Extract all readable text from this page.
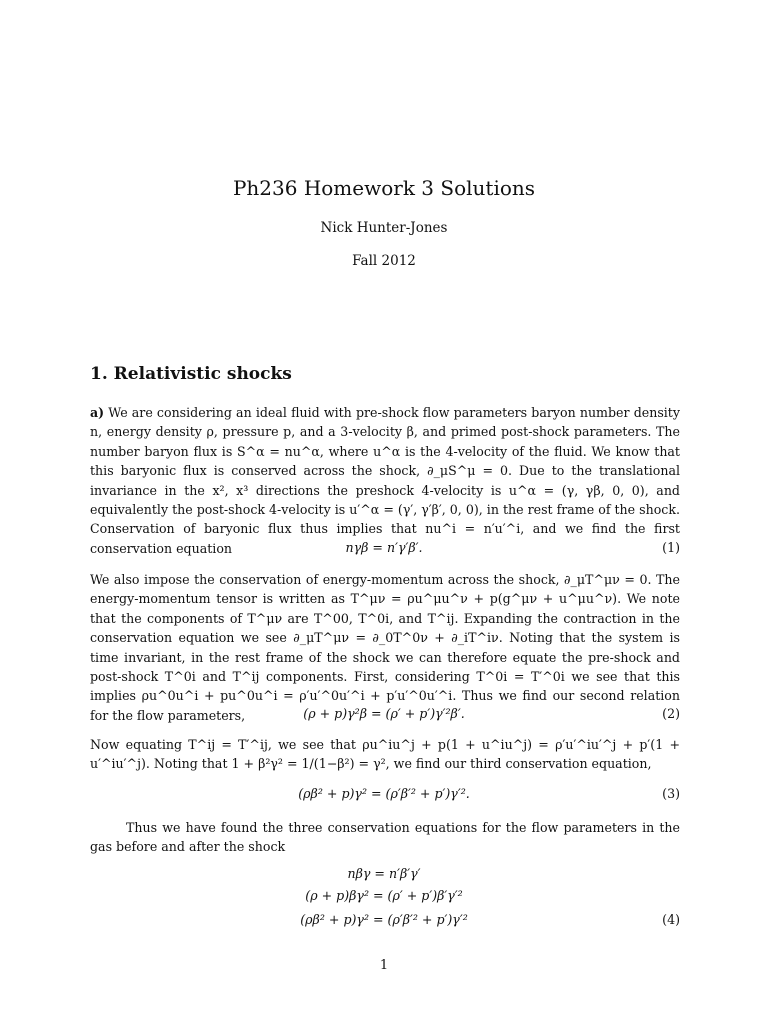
Ph236 Homework 3 Solutions
Nick Hunter-Jones
Fall 2012
1. Relativistic shocks
a) We are considering an ideal fluid with pre-shock flow parameters baryon number density n, energy density ρ, pressure p, and a 3-velocity β, and primed post-shock parameters. The number baryon flux is S^α = nu^α, where u^α is the 4-velocity of the fluid. We know that this baryonic flux is conserved across the shock, ∂_μS^μ = 0. Due to the translational invariance in the x², x³ directions the preshock 4-velocity is u^α = (γ, γβ, 0, 0), and equivalently the post-shock 4-velocity is u′^α = (γ′, γ′β′, 0, 0), in the rest frame of the shock. Conservation of baryonic flux thus implies that nu^i = n′u′^i, and we find the first conservation equation	nγβ = n′γ′β′.	(1)
We also impose the conservation of energy-momentum across the shock, ∂_μT^μν = 0. The energy-momentum tensor is written as T^μν = ρu^μu^ν + p(g^μν + u^μu^ν). We note that the components of T^μν are T^00, T^0i, and T^ij. Expanding the contraction in the conservation equation we see ∂_μT^μν = ∂_0T^0ν + ∂_iT^iν. Noting that the system is time invariant, in the rest frame of the shock we can therefore equate the pre-shock and post-shock T^0i and T^ij components. First, considering T^0i = T′^0i we see that this implies ρu^0u^i + pu^0u^i = ρ′u′^0u′^i + p′u′^0u′^i. Thus we find our second relation for the flow parameters,	(ρ + p)γ²β = (ρ′ + p′)γ′²β′.	(2)
Now equating T^ij = T′^ij, we see that ρu^iu^j + p(1 + u^iu^j) = ρ′u′^iu′^j + p′(1 + u′^iu′^j). Noting that 1 + β²γ² = 1/(1−β²) = γ², we find our third conservation equation,
(ρβ² + p)γ² = (ρ′β′² + p′)γ′².	(3)
Thus we have found the three conservation equations for the flow parameters in the gas before and after the shock
nβγ = n′β′γ′
(ρ + p)βγ² = (ρ′ + p′)β′γ′²
(ρβ² + p)γ² = (ρ′β′² + p′)γ′²	(4)
1
